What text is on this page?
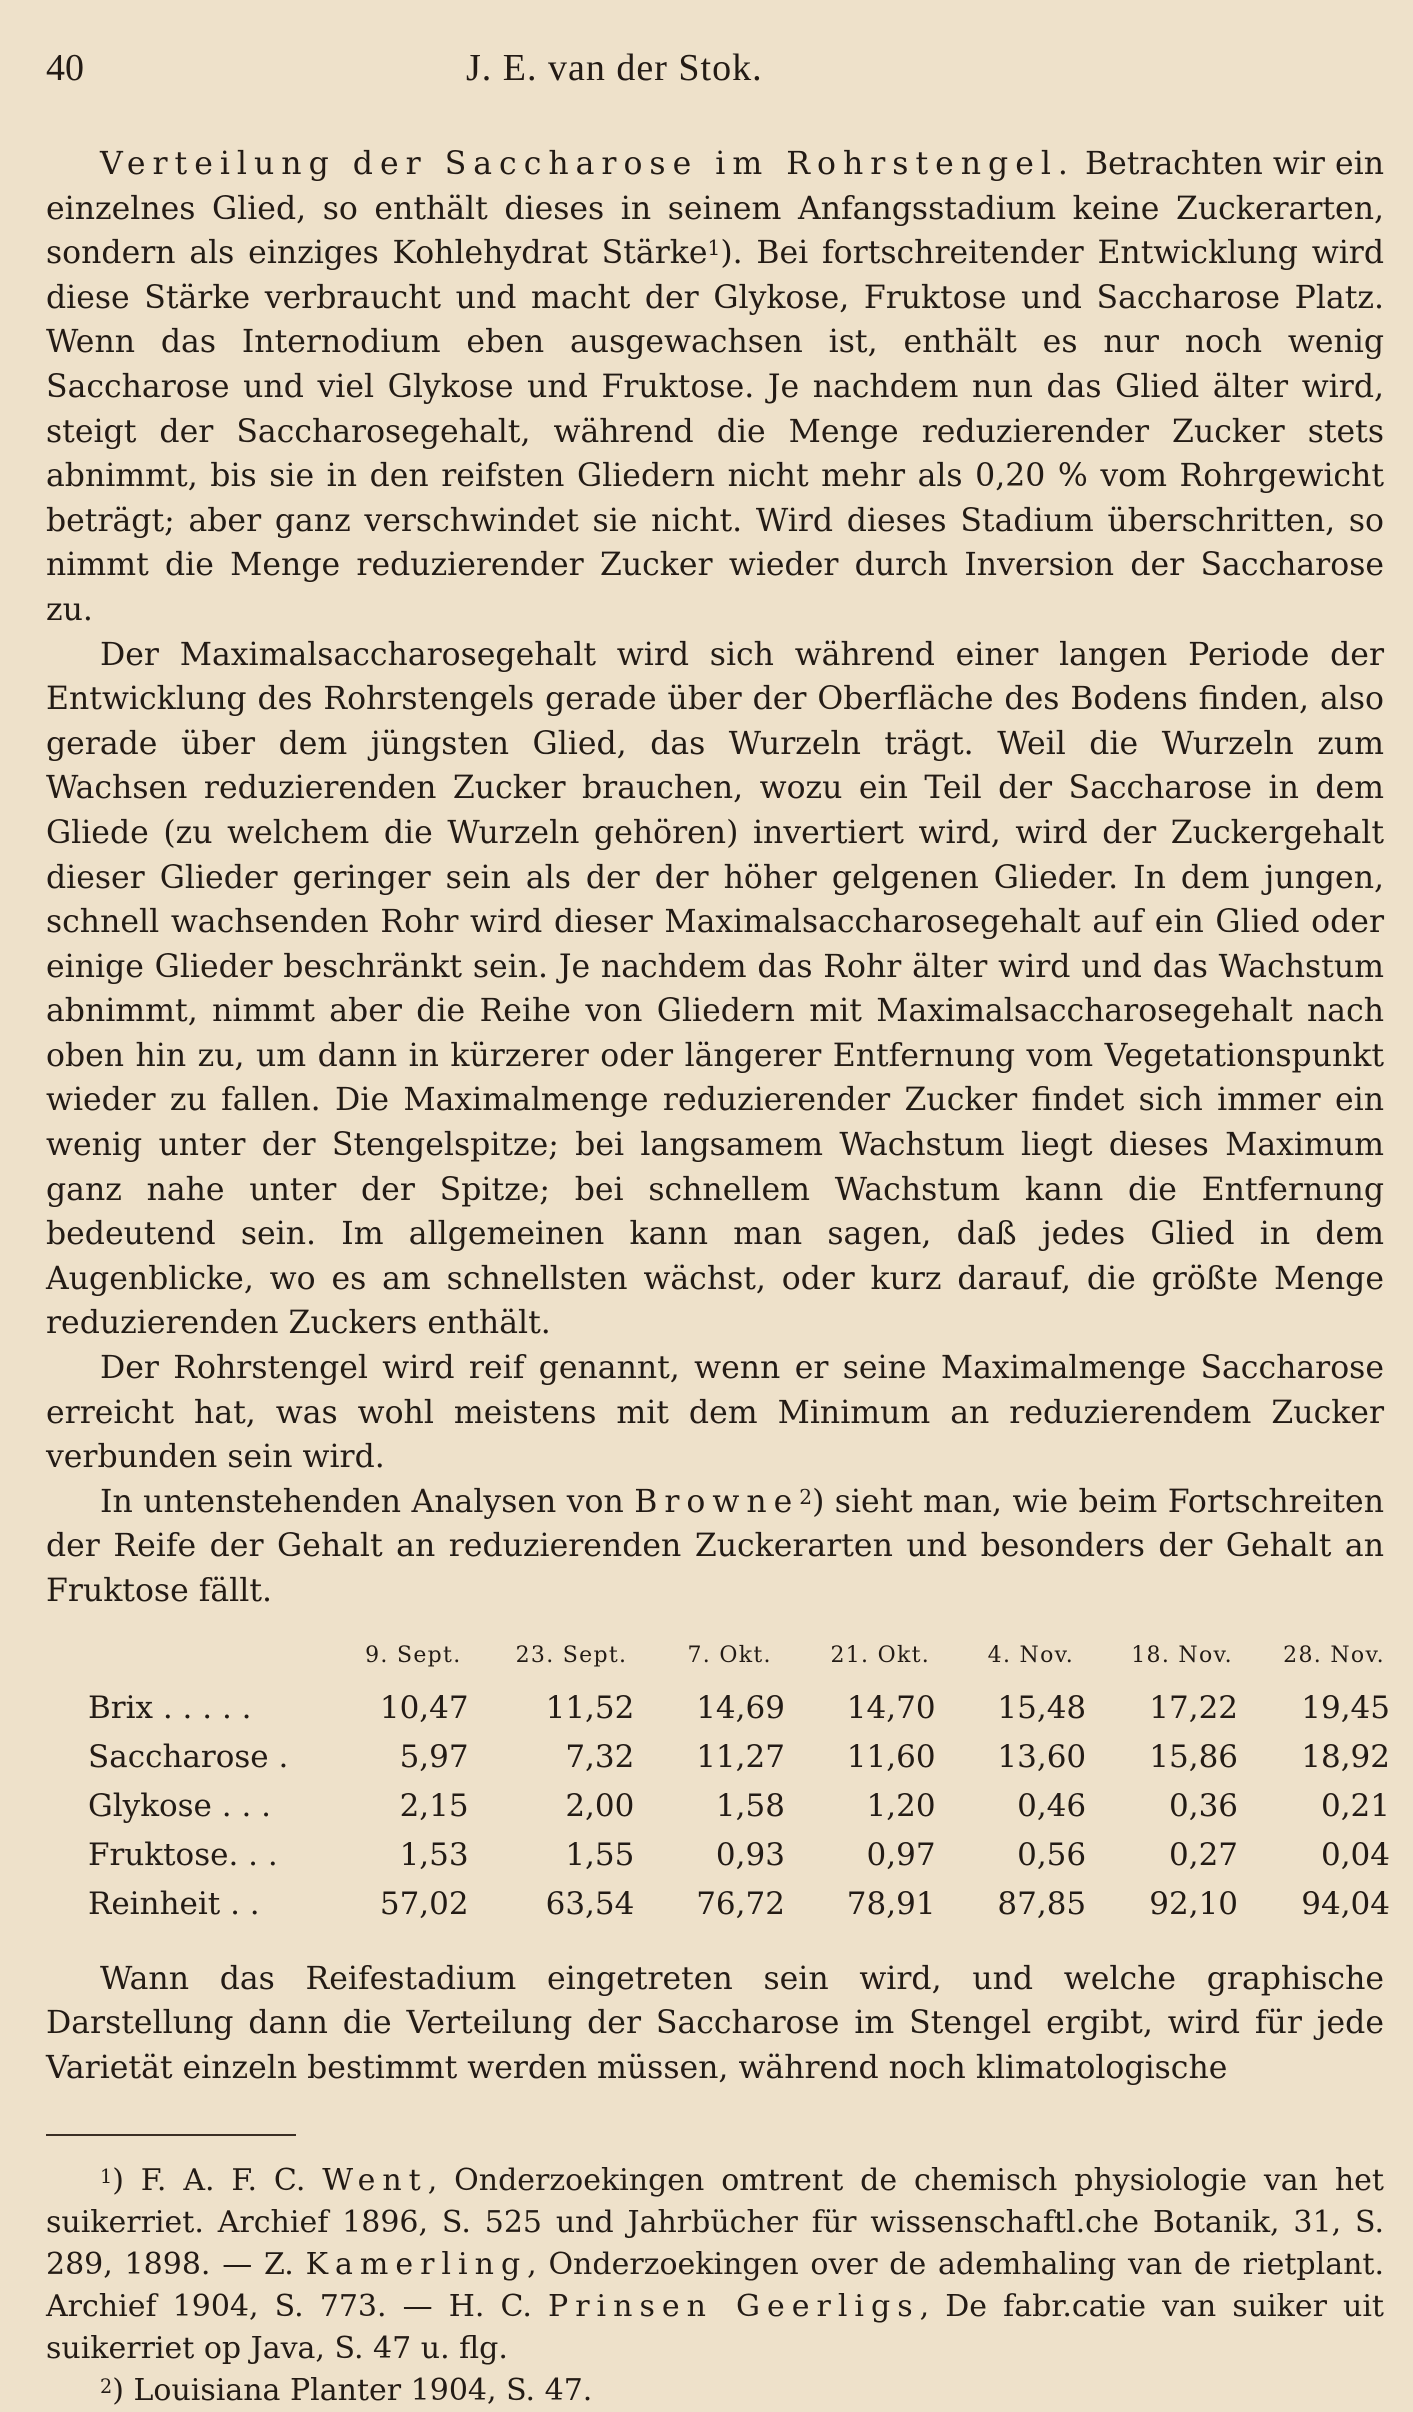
40	J. E. van der Stok.

Verteilung der Saccharose im Rohrstengel. Betrachten wir ein einzelnes Glied, so enthält dieses in seinem Anfangsstadium keine Zuckerarten, sondern als einziges Kohlehydrat Stärke$^1$). Bei fortschreitender Entwicklung wird diese Stärke verbraucht und macht der Glykose, Fruktose und Saccharose Platz. Wenn das Internodium eben ausgewachsen ist, enthält es nur noch wenig Saccharose und viel Glykose und Fruktose. Je nachdem nun das Glied älter wird, steigt der Saccharosegehalt, während die Menge reduzierender Zucker stets abnimmt, bis sie in den reifsten Gliedern nicht mehr als 0,20 % vom Rohrgewicht beträgt; aber ganz verschwindet sie nicht. Wird dieses Stadium überschritten, so nimmt die Menge reduzierender Zucker wieder durch Inversion der Saccharose zu.

Der Maximalsaccharosegehalt wird sich während einer langen Periode der Entwicklung des Rohrstengels gerade über der Oberfläche des Bodens finden, also gerade über dem jüngsten Glied, das Wurzeln trägt. Weil die Wurzeln zum Wachsen reduzierenden Zucker brauchen, wozu ein Teil der Saccharose in dem Gliede (zu welchem die Wurzeln gehören) invertiert wird, wird der Zuckergehalt dieser Glieder geringer sein als der der höher gelgenen Glieder. In dem jungen, schnell wachsenden Rohr wird dieser Maximalsaccharosegehalt auf ein Glied oder einige Glieder beschränkt sein. Je nachdem das Rohr älter wird und das Wachstum abnimmt, nimmt aber die Reihe von Gliedern mit Maximalsaccharosegehalt nach oben hin zu, um dann in kürzerer oder längerer Entfernung vom Vegetationspunkt wieder zu fallen. Die Maximalmenge reduzierender Zucker findet sich immer ein wenig unter der Stengelspitze; bei langsamem Wachstum liegt dieses Maximum ganz nahe unter der Spitze; bei schnellem Wachstum kann die Entfernung bedeutend sein. Im allgemeinen kann man sagen, daß jedes Glied in dem Augenblicke, wo es am schnellsten wächst, oder kurz darauf, die größte Menge reduzierenden Zuckers enthält.

Der Rohrstengel wird reif genannt, wenn er seine Maximalmenge Saccharose erreicht hat, was wohl meistens mit dem Minimum an reduzierendem Zucker verbunden sein wird.

In untenstehenden Analysen von Browne$^2$) sieht man, wie beim Fortschreiten der Reife der Gehalt an reduzierenden Zuckerarten und besonders der Gehalt an Fruktose fällt.

	9. Sept.	23. Sept.	7. Okt.	21. Okt.	4. Nov.	18. Nov.	28. Nov.
Brix . . . . .	10,47	11,52	14,69	14,70	15,48	17,22	19,45
Saccharose .	5,97	7,32	11,27	11,60	13,60	15,86	18,92
Glykose . . .	2,15	2,00	1,58	1,20	0,46	0,36	0,21
Fruktose. . .	1,53	1,55	0,93	0,97	0,56	0,27	0,04
Reinheit . .	57,02	63,54	76,72	78,91	87,85	92,10	94,04
Wann das Reifestadium eingetreten sein wird, und welche graphische Darstellung dann die Verteilung der Saccharose im Stengel ergibt, wird für jede Varietät einzeln bestimmt werden müssen, während noch klimatologische

$^1$) F. A. F. C. Went, Onderzoekingen omtrent de chemisch physiologie van het suikerriet. Archief 1896, S. 525 und Jahrbücher für wissenschaftl.che Botanik, 31, S. 289, 1898. — Z. Kamerling, Onderzoekingen over de ademhaling van de rietplant. Archief 1904, S. 773. — H. C. Prinsen Geerligs, De fabr.catie van suiker uit suikerriet op Java, S. 47 u. flg.

$^2$) Louisiana Planter 1904, S. 47.
